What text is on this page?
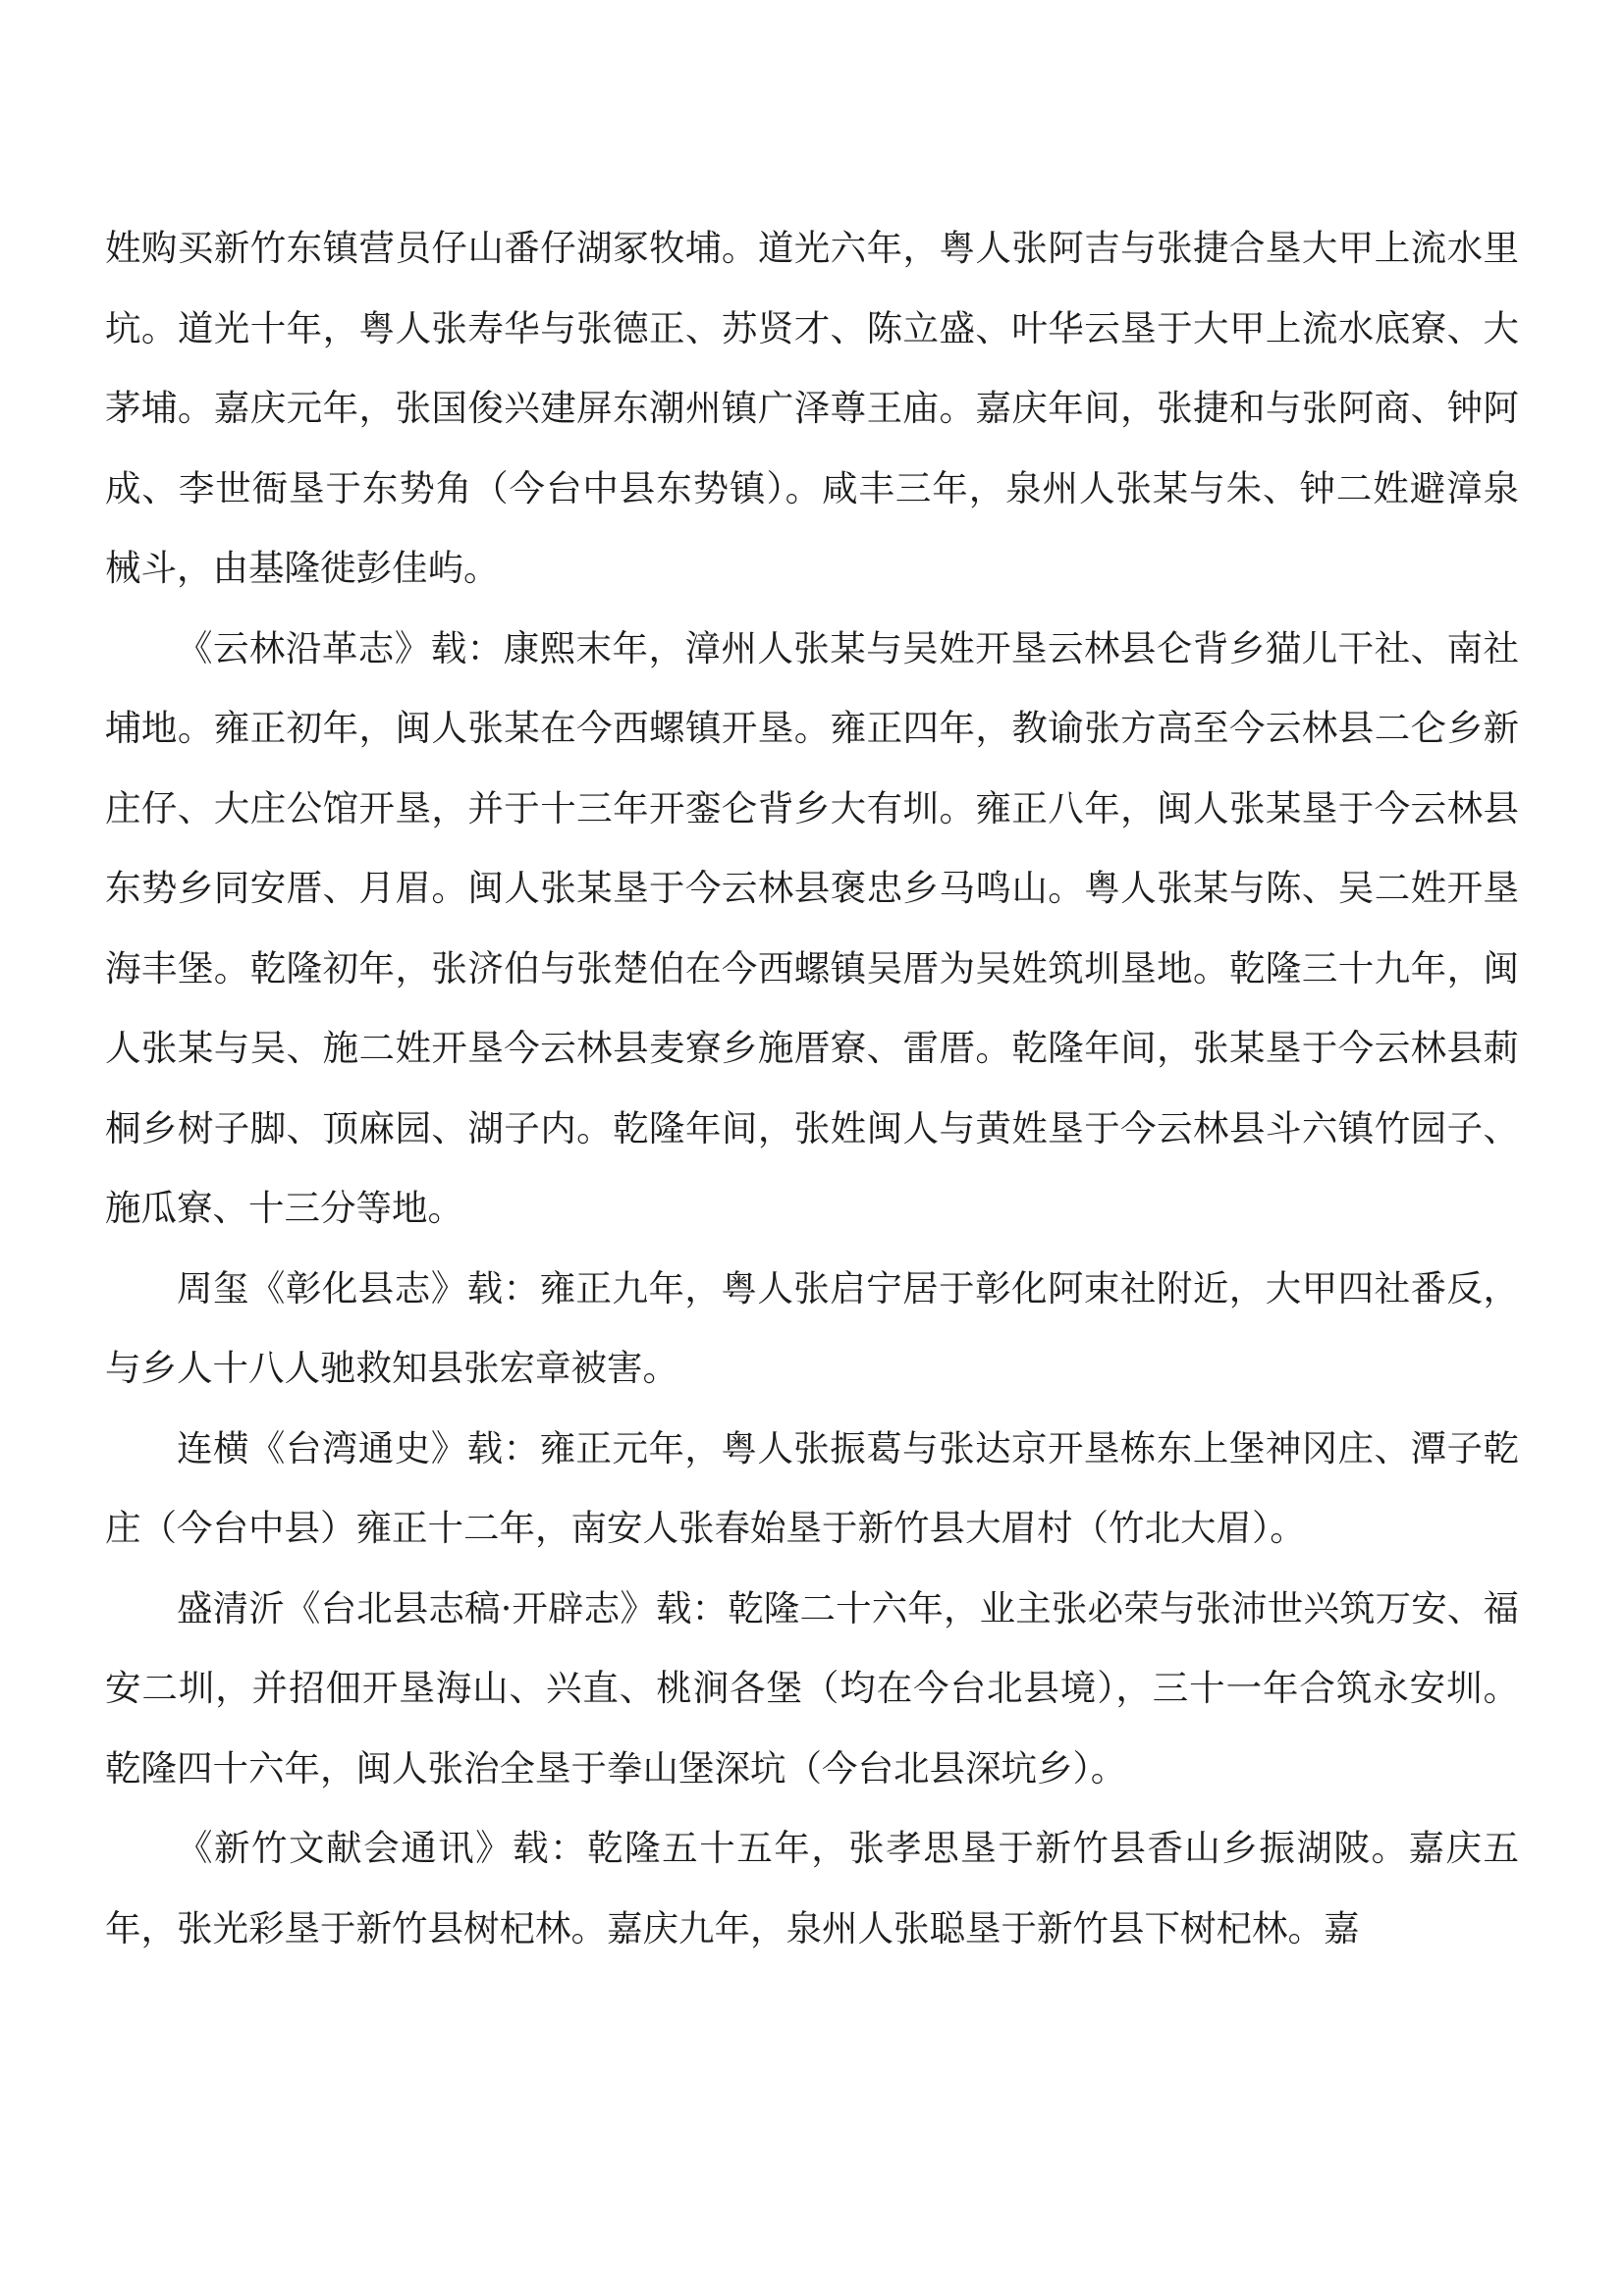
姓购买新竹东镇营员仔山番仔湖冢牧埔。道光六年，粤人张阿吉与张捷合垦大甲上流水里坑。道光十年，粤人张寿华与张德正、苏贤才、陈立盛、叶华云垦于大甲上流水底寮、大茅埔。嘉庆元年，张国俊兴建屏东潮州镇广泽尊王庙。嘉庆年间，张捷和与张阿商、钟阿成、李世衙垦于东势角（今台中县东势镇）。咸丰三年，泉州人张某与朱、钟二姓避漳泉械斗，由基隆徙彭佳屿。

《云林沿革志》载：康熙末年，漳州人张某与吴姓开垦云林县仑背乡猫儿干社、南社埔地。雍正初年，闽人张某在今西螺镇开垦。雍正四年，教谕张方高至今云林县二仑乡新庄仔、大庄公馆开垦，并于十三年开銮仑背乡大有圳。雍正八年，闽人张某垦于今云林县东势乡同安厝、月眉。闽人张某垦于今云林县褒忠乡马鸣山。粤人张某与陈、吴二姓开垦海丰堡。乾隆初年，张济伯与张楚伯在今西螺镇吴厝为吴姓筑圳垦地。乾隆三十九年，闽人张某与吴、施二姓开垦今云林县麦寮乡施厝寮、雷厝。乾隆年间，张某垦于今云林县莿桐乡树子脚、顶麻园、湖子内。乾隆年间，张姓闽人与黄姓垦于今云林县斗六镇竹园子、施瓜寮、十三分等地。

周玺《彰化县志》载：雍正九年，粤人张启宁居于彰化阿束社附近，大甲四社番反，与乡人十八人驰救知县张宏章被害。

连横《台湾通史》载：雍正元年，粤人张振葛与张达京开垦栋东上堡神冈庄、潭子乾庄（今台中县）雍正十二年，南安人张春始垦于新竹县大眉村（竹北大眉）。

盛清沂《台北县志稿·开辟志》载：乾隆二十六年，业主张必荣与张沛世兴筑万安、福安二圳，并招佃开垦海山、兴直、桃涧各堡（均在今台北县境），三十一年合筑永安圳。乾隆四十六年，闽人张治全垦于拳山堡深坑（今台北县深坑乡）。

《新竹文献会通讯》载：乾隆五十五年，张孝思垦于新竹县香山乡振湖陂。嘉庆五年，张光彩垦于新竹县树杞林。嘉庆九年，泉州人张聪垦于新竹县下树杞林。嘉
